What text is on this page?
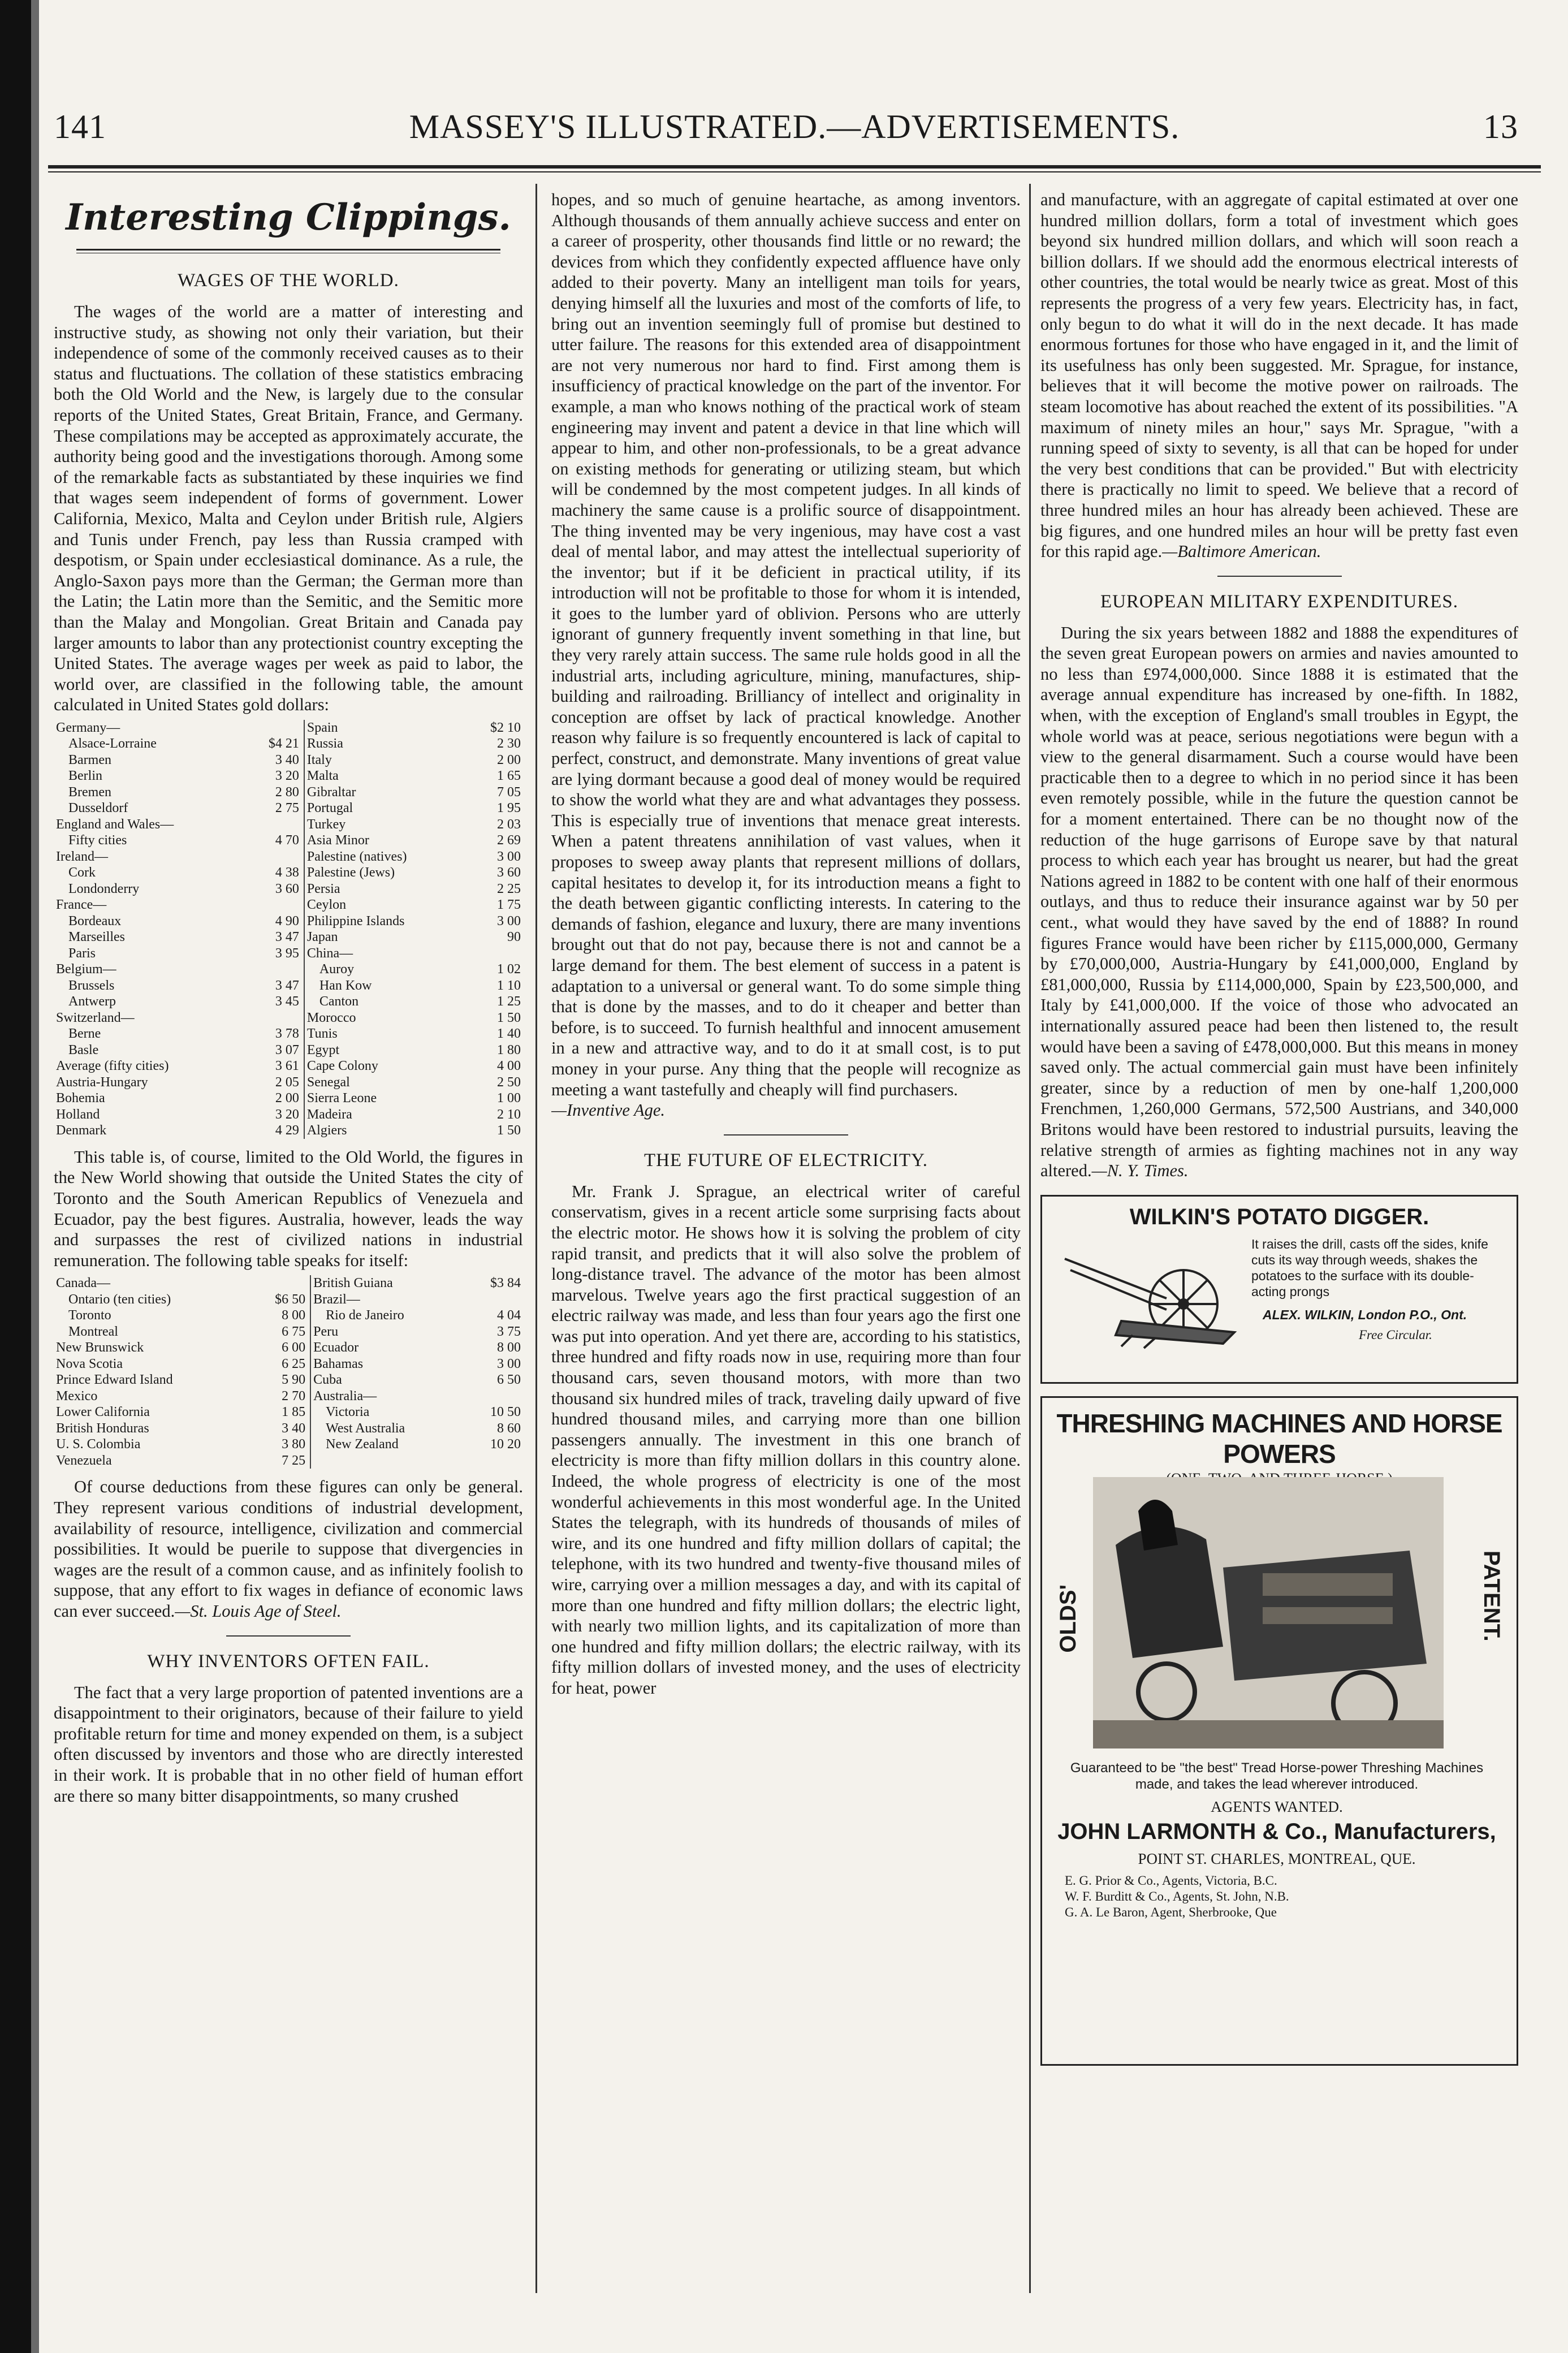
141	MASSEY'S ILLUSTRATED.—ADVERTISEMENTS.	13
Interesting Clippings.
WAGES OF THE WORLD.

The wages of the world are a matter of interesting and instructive study, as showing not only their variation, but their independence of some of the commonly received causes as to their status and fluctuations. The collation of these statistics embracing both the Old World and the New, is largely due to the consular reports of the United States, Great Britain, France, and Germany. These compilations may be accepted as approximately accurate, the authority being good and the investigations thorough. Among some of the remarkable facts as substantiated by these inquiries we find that wages seem independent of forms of government. Lower California, Mexico, Malta and Ceylon under British rule, Algiers and Tunis under French, pay less than Russia cramped with despotism, or Spain under ecclesiastical dominance. As a rule, the Anglo-Saxon pays more than the German; the German more than the Latin; the Latin more than the Semitic, and the Semitic more than the Malay and Mongolian. Great Britain and Canada pay larger amounts to labor than any protectionist country excepting the United States. The average wages per week as paid to labor, the world over, are classified in the following table, the amount calculated in United States gold dollars:

Germany—		Spain	$2 10
Alsace-Lorraine	$4 21	Russia	2 30
Barmen	3 40	Italy	2 00
Berlin	3 20	Malta	1 65
Bremen	2 80	Gibraltar	7 05
Dusseldorf	2 75	Portugal	1 95
England and Wales—		Turkey	2 03
Fifty cities	4 70	Asia Minor	2 69
Ireland—		Palestine (natives)	3 00
Cork	4 38	Palestine (Jews)	3 60
Londonderry	3 60	Persia	2 25
France—		Ceylon	1 75
Bordeaux	4 90	Philippine Islands	3 00
Marseilles	3 47	Japan	90
Paris	3 95	China—	
Belgium—		Auroy	1 02
Brussels	3 47	Han Kow	1 10
Antwerp	3 45	Canton	1 25
Switzerland—		Morocco	1 50
Berne	3 78	Tunis	1 40
Basle	3 07	Egypt	1 80
Average (fifty cities)	3 61	Cape Colony	4 00
Austria-Hungary	2 05	Senegal	2 50
Bohemia	2 00	Sierra Leone	1 00
Holland	3 20	Madeira	2 10
Denmark	4 29	Algiers	1 50

This table is, of course, limited to the Old World, the figures in the New World showing that outside the United States the city of Toronto and the South American Republics of Venezuela and Ecuador, pay the best figures. Australia, however, leads the way and surpasses the rest of civilized nations in industrial remuneration. The following table speaks for itself:

Canada—		British Guiana	$3 84
Ontario (ten cities)	$6 50	Brazil—	
Toronto	8 00	Rio de Janeiro	4 04
Montreal	6 75	Peru	3 75
New Brunswick	6 00	Ecuador	8 00
Nova Scotia	6 25	Bahamas	3 00
Prince Edward Island	5 90	Cuba	6 50
Mexico	2 70	Australia—	
Lower California	1 85	Victoria	10 50
British Honduras	3 40	West Australia	8 60
U. S. Colombia	3 80	New Zealand	10 20
Venezuela	7 25		

Of course deductions from these figures can only be general. They represent various conditions of industrial development, availability of resource, intelligence, civilization and commercial possibilities. It would be puerile to suppose that divergencies in wages are the result of a common cause, and as infinitely foolish to suppose, that any effort to fix wages in defiance of economic laws can ever succeed.—St. Louis Age of Steel.

WHY INVENTORS OFTEN FAIL.

The fact that a very large proportion of patented inventions are a disappointment to their originators, because of their failure to yield profitable return for time and money expended on them, is a subject often discussed by inventors and those who are directly interested in their work. It is probable that in no other field of human effort are there so many bitter disappointments, so many crushed

hopes, and so much of genuine heartache, as among inventors. Although thousands of them annually achieve success and enter on a career of prosperity, other thousands find little or no reward; the devices from which they confidently expected affluence have only added to their poverty. Many an intelligent man toils for years, denying himself all the luxuries and most of the comforts of life, to bring out an invention seemingly full of promise but destined to utter failure. The reasons for this extended area of disappointment are not very numerous nor hard to find. First among them is insufficiency of practical knowledge on the part of the inventor. For example, a man who knows nothing of the practical work of steam engineering may invent and patent a device in that line which will appear to him, and other non-professionals, to be a great advance on existing methods for generating or utilizing steam, but which will be condemned by the most competent judges. In all kinds of machinery the same cause is a prolific source of disappointment. The thing invented may be very ingenious, may have cost a vast deal of mental labor, and may attest the intellectual superiority of the inventor; but if it be deficient in practical utility, if its introduction will not be profitable to those for whom it is intended, it goes to the lumber yard of oblivion. Persons who are utterly ignorant of gunnery frequently invent something in that line, but they very rarely attain success. The same rule holds good in all the industrial arts, including agriculture, mining, manufactures, ship-building and railroading. Brilliancy of intellect and originality in conception are offset by lack of practical knowledge. Another reason why failure is so frequently encountered is lack of capital to perfect, construct, and demonstrate. Many inventions of great value are lying dormant because a good deal of money would be required to show the world what they are and what advantages they possess. This is especially true of inventions that menace great interests. When a patent threatens annihilation of vast values, when it proposes to sweep away plants that represent millions of dollars, capital hesitates to develop it, for its introduction means a fight to the death between gigantic conflicting interests. In catering to the demands of fashion, elegance and luxury, there are many inventions brought out that do not pay, because there is not and cannot be a large demand for them. The best element of success in a patent is adaptation to a universal or general want. To do some simple thing that is done by the masses, and to do it cheaper and better than before, is to succeed. To furnish healthful and innocent amusement in a new and attractive way, and to do it at small cost, is to put money in your purse. Any thing that the people will recognize as meeting a want tastefully and cheaply will find purchasers.
—Inventive Age.

THE FUTURE OF ELECTRICITY.

Mr. Frank J. Sprague, an electrical writer of careful conservatism, gives in a recent article some surprising facts about the electric motor. He shows how it is solving the problem of city rapid transit, and predicts that it will also solve the problem of long-distance travel. The advance of the motor has been almost marvelous. Twelve years ago the first practical suggestion of an electric railway was made, and less than four years ago the first one was put into operation. And yet there are, according to his statistics, three hundred and fifty roads now in use, requiring more than four thousand cars, seven thousand motors, with more than two thousand six hundred miles of track, traveling daily upward of five hundred thousand miles, and carrying more than one billion passengers annually. The investment in this one branch of electricity is more than fifty million dollars in this country alone. Indeed, the whole progress of electricity is one of the most wonderful achievements in this most wonderful age. In the United States the telegraph, with its hundreds of thousands of miles of wire, and its one hundred and fifty million dollars of capital; the telephone, with its two hundred and twenty-five thousand miles of wire, carrying over a million messages a day, and with its capital of more than one hundred and fifty million dollars; the electric light, with nearly two million lights, and its capitalization of more than one hundred and fifty million dollars; the electric railway, with its fifty million dollars of invested money, and the uses of electricity for heat, power

and manufacture, with an aggregate of capital estimated at over one hundred million dollars, form a total of investment which goes beyond six hundred million dollars, and which will soon reach a billion dollars. If we should add the enormous electrical interests of other countries, the total would be nearly twice as great. Most of this represents the progress of a very few years. Electricity has, in fact, only begun to do what it will do in the next decade. It has made enormous fortunes for those who have engaged in it, and the limit of its usefulness has only been suggested. Mr. Sprague, for instance, believes that it will become the motive power on railroads. The steam locomotive has about reached the extent of its possibilities. "A maximum of ninety miles an hour," says Mr. Sprague, "with a running speed of sixty to seventy, is all that can be hoped for under the very best conditions that can be provided." But with electricity there is practically no limit to speed. We believe that a record of three hundred miles an hour has already been achieved. These are big figures, and one hundred miles an hour will be pretty fast even for this rapid age.—Baltimore American.

EUROPEAN MILITARY EXPENDITURES.

During the six years between 1882 and 1888 the expenditures of the seven great European powers on armies and navies amounted to no less than £974,000,000. Since 1888 it is estimated that the average annual expenditure has increased by one-fifth. In 1882, when, with the exception of England's small troubles in Egypt, the whole world was at peace, serious negotiations were begun with a view to the general disarmament. Such a course would have been practicable then to a degree to which in no period since it has been even remotely possible, while in the future the question cannot be for a moment entertained. There can be no thought now of the reduction of the huge garrisons of Europe save by that natural process to which each year has brought us nearer, but had the great Nations agreed in 1882 to be content with one half of their enormous outlays, and thus to reduce their insurance against war by 50 per cent., what would they have saved by the end of 1888? In round figures France would have been richer by £115,000,000, Germany by £70,000,000, Austria-Hungary by £41,000,000, England by £81,000,000, Russia by £114,000,000, Spain by £23,500,000, and Italy by £41,000,000. If the voice of those who advocated an internationally assured peace had been then listened to, the result would have been a saving of £478,000,000. But this means in money saved only. The actual commercial gain must have been infinitely greater, since by a reduction of men by one-half 1,200,000 Frenchmen, 1,260,000 Germans, 572,500 Austrians, and 340,000 Britons would have been restored to industrial pursuits, leaving the relative strength of armies as fighting machines not in any way altered.—N. Y. Times.

WILKIN'S POTATO DIGGER.
It raises the drill, casts off the sides, knife cuts its way through weeds, shakes the potatoes to the surface with its double-acting prongs
ALEX. WILKIN, London P.O., Ont.
Free Circular.
THRESHING MACHINES AND HORSE POWERS
OLDS'	PATENT.
Guaranteed to be "the best" Tread Horse-power Threshing Machines made, and takes the lead wherever introduced.
AGENTS WANTED.
JOHN LARMONTH & Co., Manufacturers,
POINT ST. CHARLES, MONTREAL, QUE.
E. G. Prior & Co., Agents, Victoria, B.C.
W. F. Burditt & Co., Agents, St. John, N.B.
G. A. Le Baron, Agent, Sherbrooke, Que
